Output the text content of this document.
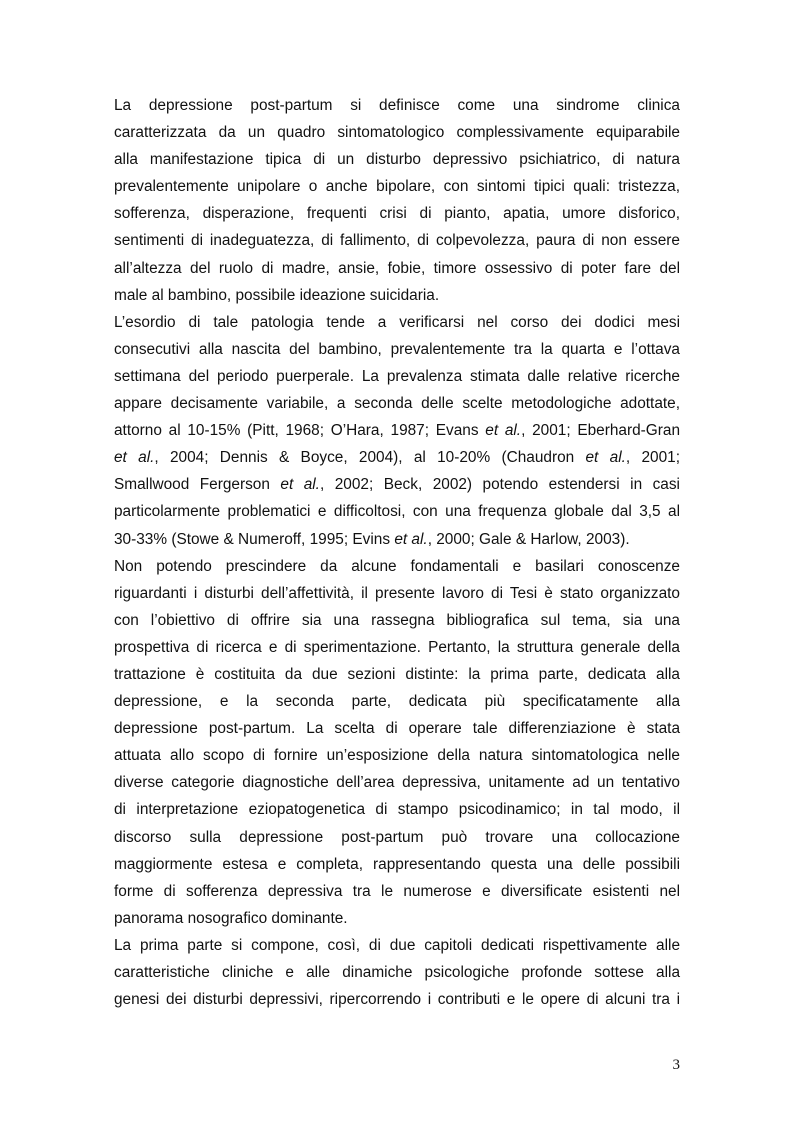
La depressione post-partum si definisce come una sindrome clinica
caratterizzata da un quadro sintomatologico complessivamente equiparabile
alla manifestazione tipica di un disturbo depressivo psichiatrico, di natura
prevalentemente unipolare o anche bipolare, con sintomi tipici quali: tristezza,
sofferenza, disperazione, frequenti crisi di pianto, apatia, umore disforico,
sentimenti di inadeguatezza, di fallimento, di colpevolezza, paura di non essere
all’altezza del ruolo di madre, ansie, fobie, timore ossessivo di poter fare del
male al bambino, possibile ideazione suicidaria.
L’esordio di tale patologia tende a verificarsi nel corso dei dodici mesi
consecutivi alla nascita del bambino, prevalentemente tra la quarta e l’ottava
settimana del periodo puerperale. La prevalenza stimata dalle relative ricerche
appare decisamente variabile, a seconda delle scelte metodologiche adottate,
attorno al 10-15% (Pitt, 1968; O’Hara, 1987; Evans et al., 2001; Eberhard-Gran
et al., 2004; Dennis & Boyce, 2004), al 10-20% (Chaudron et al., 2001;
Smallwood Fergerson et al., 2002; Beck, 2002) potendo estendersi in casi
particolarmente problematici e difficoltosi, con una frequenza globale dal 3,5 al
30-33% (Stowe & Numeroff, 1995; Evins et al., 2000; Gale & Harlow, 2003).
Non potendo prescindere da alcune fondamentali e basilari conoscenze
riguardanti i disturbi dell’affettività, il presente lavoro di Tesi è stato organizzato
con l’obiettivo di offrire sia una rassegna bibliografica sul tema, sia una
prospettiva di ricerca e di sperimentazione. Pertanto, la struttura generale della
trattazione è costituita da due sezioni distinte: la prima parte, dedicata alla
depressione, e la seconda parte, dedicata più specificatamente alla
depressione post-partum. La scelta di operare tale differenziazione è stata
attuata allo scopo di fornire un’esposizione della natura sintomatologica nelle
diverse categorie diagnostiche dell’area depressiva, unitamente ad un tentativo
di interpretazione eziopatogenetica di stampo psicodinamico; in tal modo, il
discorso sulla depressione post-partum può trovare una collocazione
maggiormente estesa e completa, rappresentando questa una delle possibili
forme di sofferenza depressiva tra le numerose e diversificate esistenti nel
panorama nosografico dominante.
La prima parte si compone, così, di due capitoli dedicati rispettivamente alle
caratteristiche cliniche e alle dinamiche psicologiche profonde sottese alla
genesi dei disturbi depressivi, ripercorrendo i contributi e le opere di alcuni tra i
3
